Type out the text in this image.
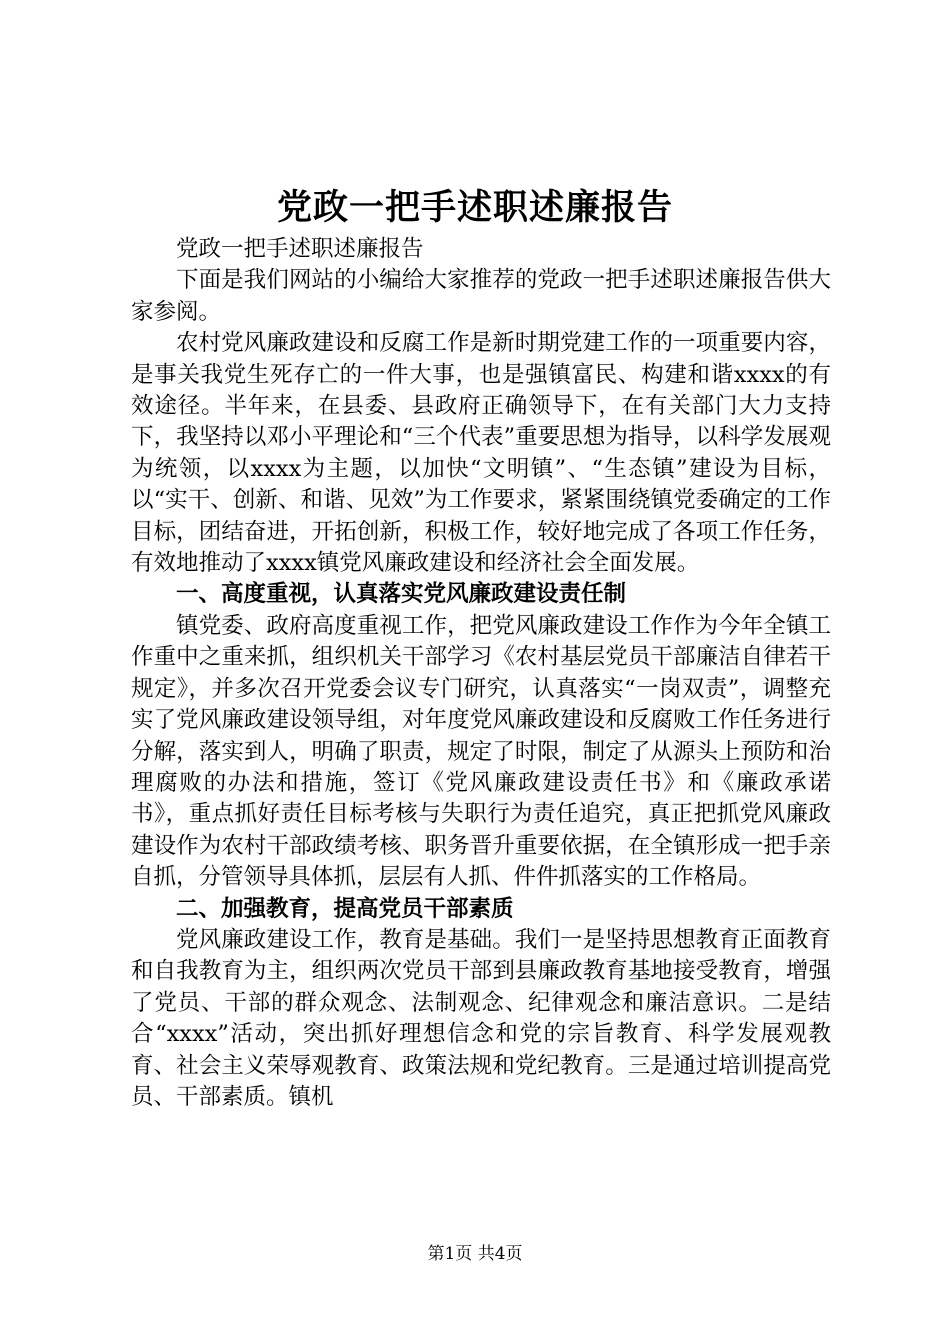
党政一把手述职述廉报告

党政一把手述职述廉报告

下面是我们网站的小编给大家推荐的党政一把手述职述廉报告供大家参阅。

农村党风廉政建设和反腐工作是新时期党建工作的一项重要内容，是事关我党生死存亡的一件大事，也是强镇富民、构建和谐xxxx的有效途径。半年来，在县委、县政府正确领导下，在有关部门大力支持下，我坚持以邓小平理论和“三个代表”重要思想为指导，以科学发展观为统领，以xxxx为主题，以加快“文明镇”、“生态镇”建设为目标，以“实干、创新、和谐、见效”为工作要求，紧紧围绕镇党委确定的工作目标，团结奋进，开拓创新，积极工作，较好地完成了各项工作任务，有效地推动了xxxx镇党风廉政建设和经济社会全面发展。

一、高度重视，认真落实党风廉政建设责任制

镇党委、政府高度重视工作，把党风廉政建设工作作为今年全镇工作重中之重来抓，组织机关干部学习《农村基层党员干部廉洁自律若干规定》，并多次召开党委会议专门研究，认真落实“一岗双责”，调整充实了党风廉政建设领导组，对年度党风廉政建设和反腐败工作任务进行分解，落实到人，明确了职责，规定了时限，制定了从源头上预防和治理腐败的办法和措施，签订《党风廉政建设责任书》和《廉政承诺书》，重点抓好责任目标考核与失职行为责任追究，真正把抓党风廉政建设作为农村干部政绩考核、职务晋升重要依据，在全镇形成一把手亲自抓，分管领导具体抓，层层有人抓、件件抓落实的工作格局。

二、加强教育，提高党员干部素质

党风廉政建设工作，教育是基础。我们一是坚持思想教育正面教育和自我教育为主，组织两次党员干部到县廉政教育基地接受教育，增强了党员、干部的群众观念、法制观念、纪律观念和廉洁意识。二是结合“xxxx”活动，突出抓好理想信念和党的宗旨教育、科学发展观教育、社会主义荣辱观教育、政策法规和党纪教育。三是通过培训提高党员、干部素质。镇机

第1页 共4页
